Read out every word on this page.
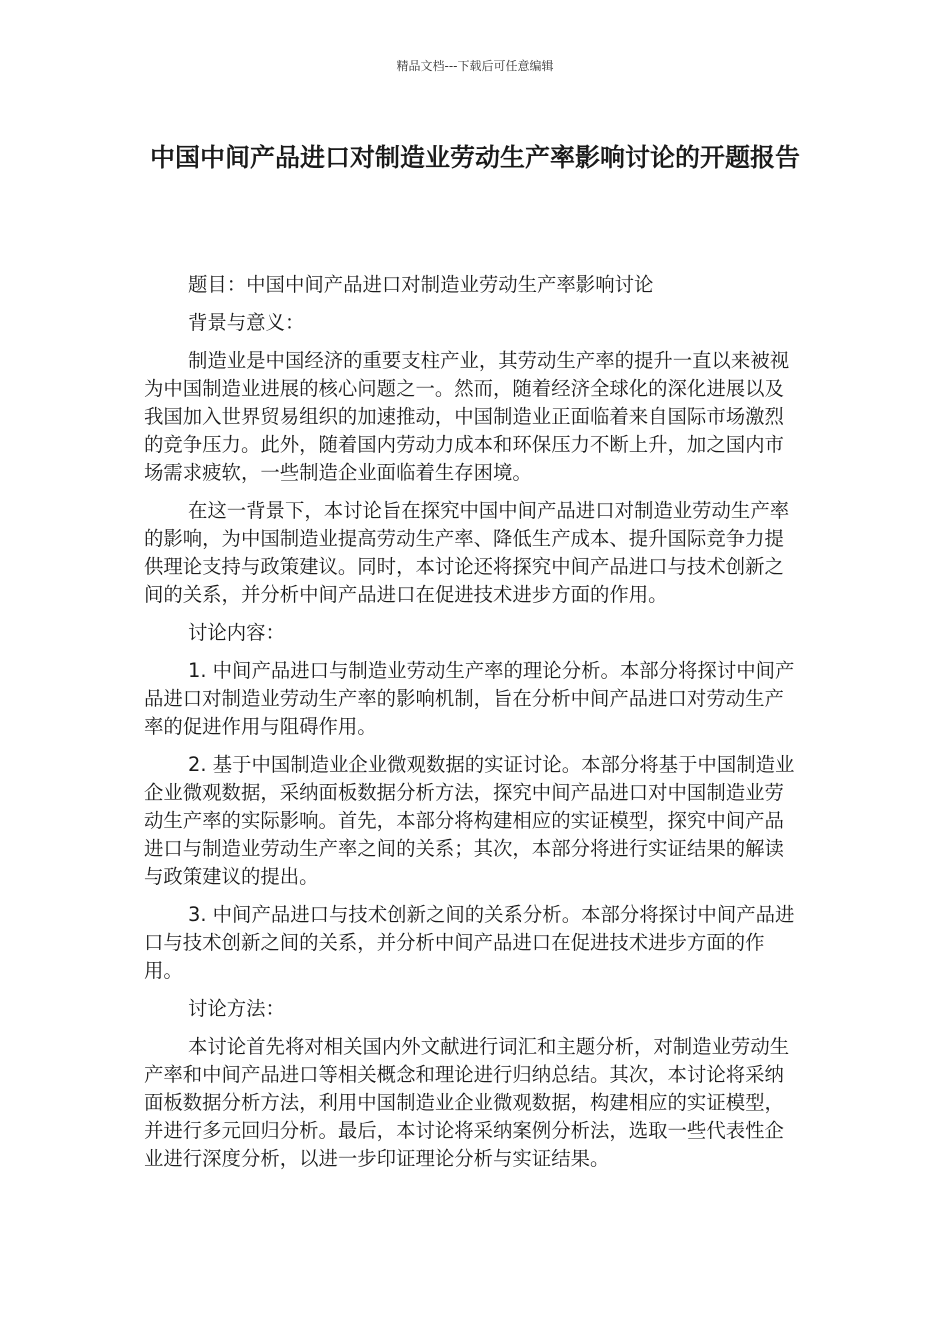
精品文档---下载后可任意编辑
中国中间产品进口对制造业劳动生产率影响讨论的开题报告

题目：中国中间产品进口对制造业劳动生产率影响讨论

背景与意义：

制造业是中国经济的重要支柱产业，其劳动生产率的提升一直以来被视为中国制造业进展的核心问题之一。然而，随着经济全球化的深化进展以及我国加入世界贸易组织的加速推动，中国制造业正面临着来自国际市场激烈的竞争压力。此外，随着国内劳动力成本和环保压力不断上升，加之国内市场需求疲软，一些制造企业面临着生存困境。

在这一背景下，本讨论旨在探究中国中间产品进口对制造业劳动生产率的影响，为中国制造业提高劳动生产率、降低生产成本、提升国际竞争力提供理论支持与政策建议。同时，本讨论还将探究中间产品进口与技术创新之间的关系，并分析中间产品进口在促进技术进步方面的作用。

讨论内容：

1. 中间产品进口与制造业劳动生产率的理论分析。本部分将探讨中间产品进口对制造业劳动生产率的影响机制，旨在分析中间产品进口对劳动生产率的促进作用与阻碍作用。

2. 基于中国制造业企业微观数据的实证讨论。本部分将基于中国制造业企业微观数据，采纳面板数据分析方法，探究中间产品进口对中国制造业劳动生产率的实际影响。首先，本部分将构建相应的实证模型，探究中间产品进口与制造业劳动生产率之间的关系；其次，本部分将进行实证结果的解读与政策建议的提出。

3. 中间产品进口与技术创新之间的关系分析。本部分将探讨中间产品进口与技术创新之间的关系，并分析中间产品进口在促进技术进步方面的作用。

讨论方法：

本讨论首先将对相关国内外文献进行词汇和主题分析，对制造业劳动生产率和中间产品进口等相关概念和理论进行归纳总结。其次，本讨论将采纳面板数据分析方法，利用中国制造业企业微观数据，构建相应的实证模型，并进行多元回归分析。最后，本讨论将采纳案例分析法，选取一些代表性企业进行深度分析，以进一步印证理论分析与实证结果。
